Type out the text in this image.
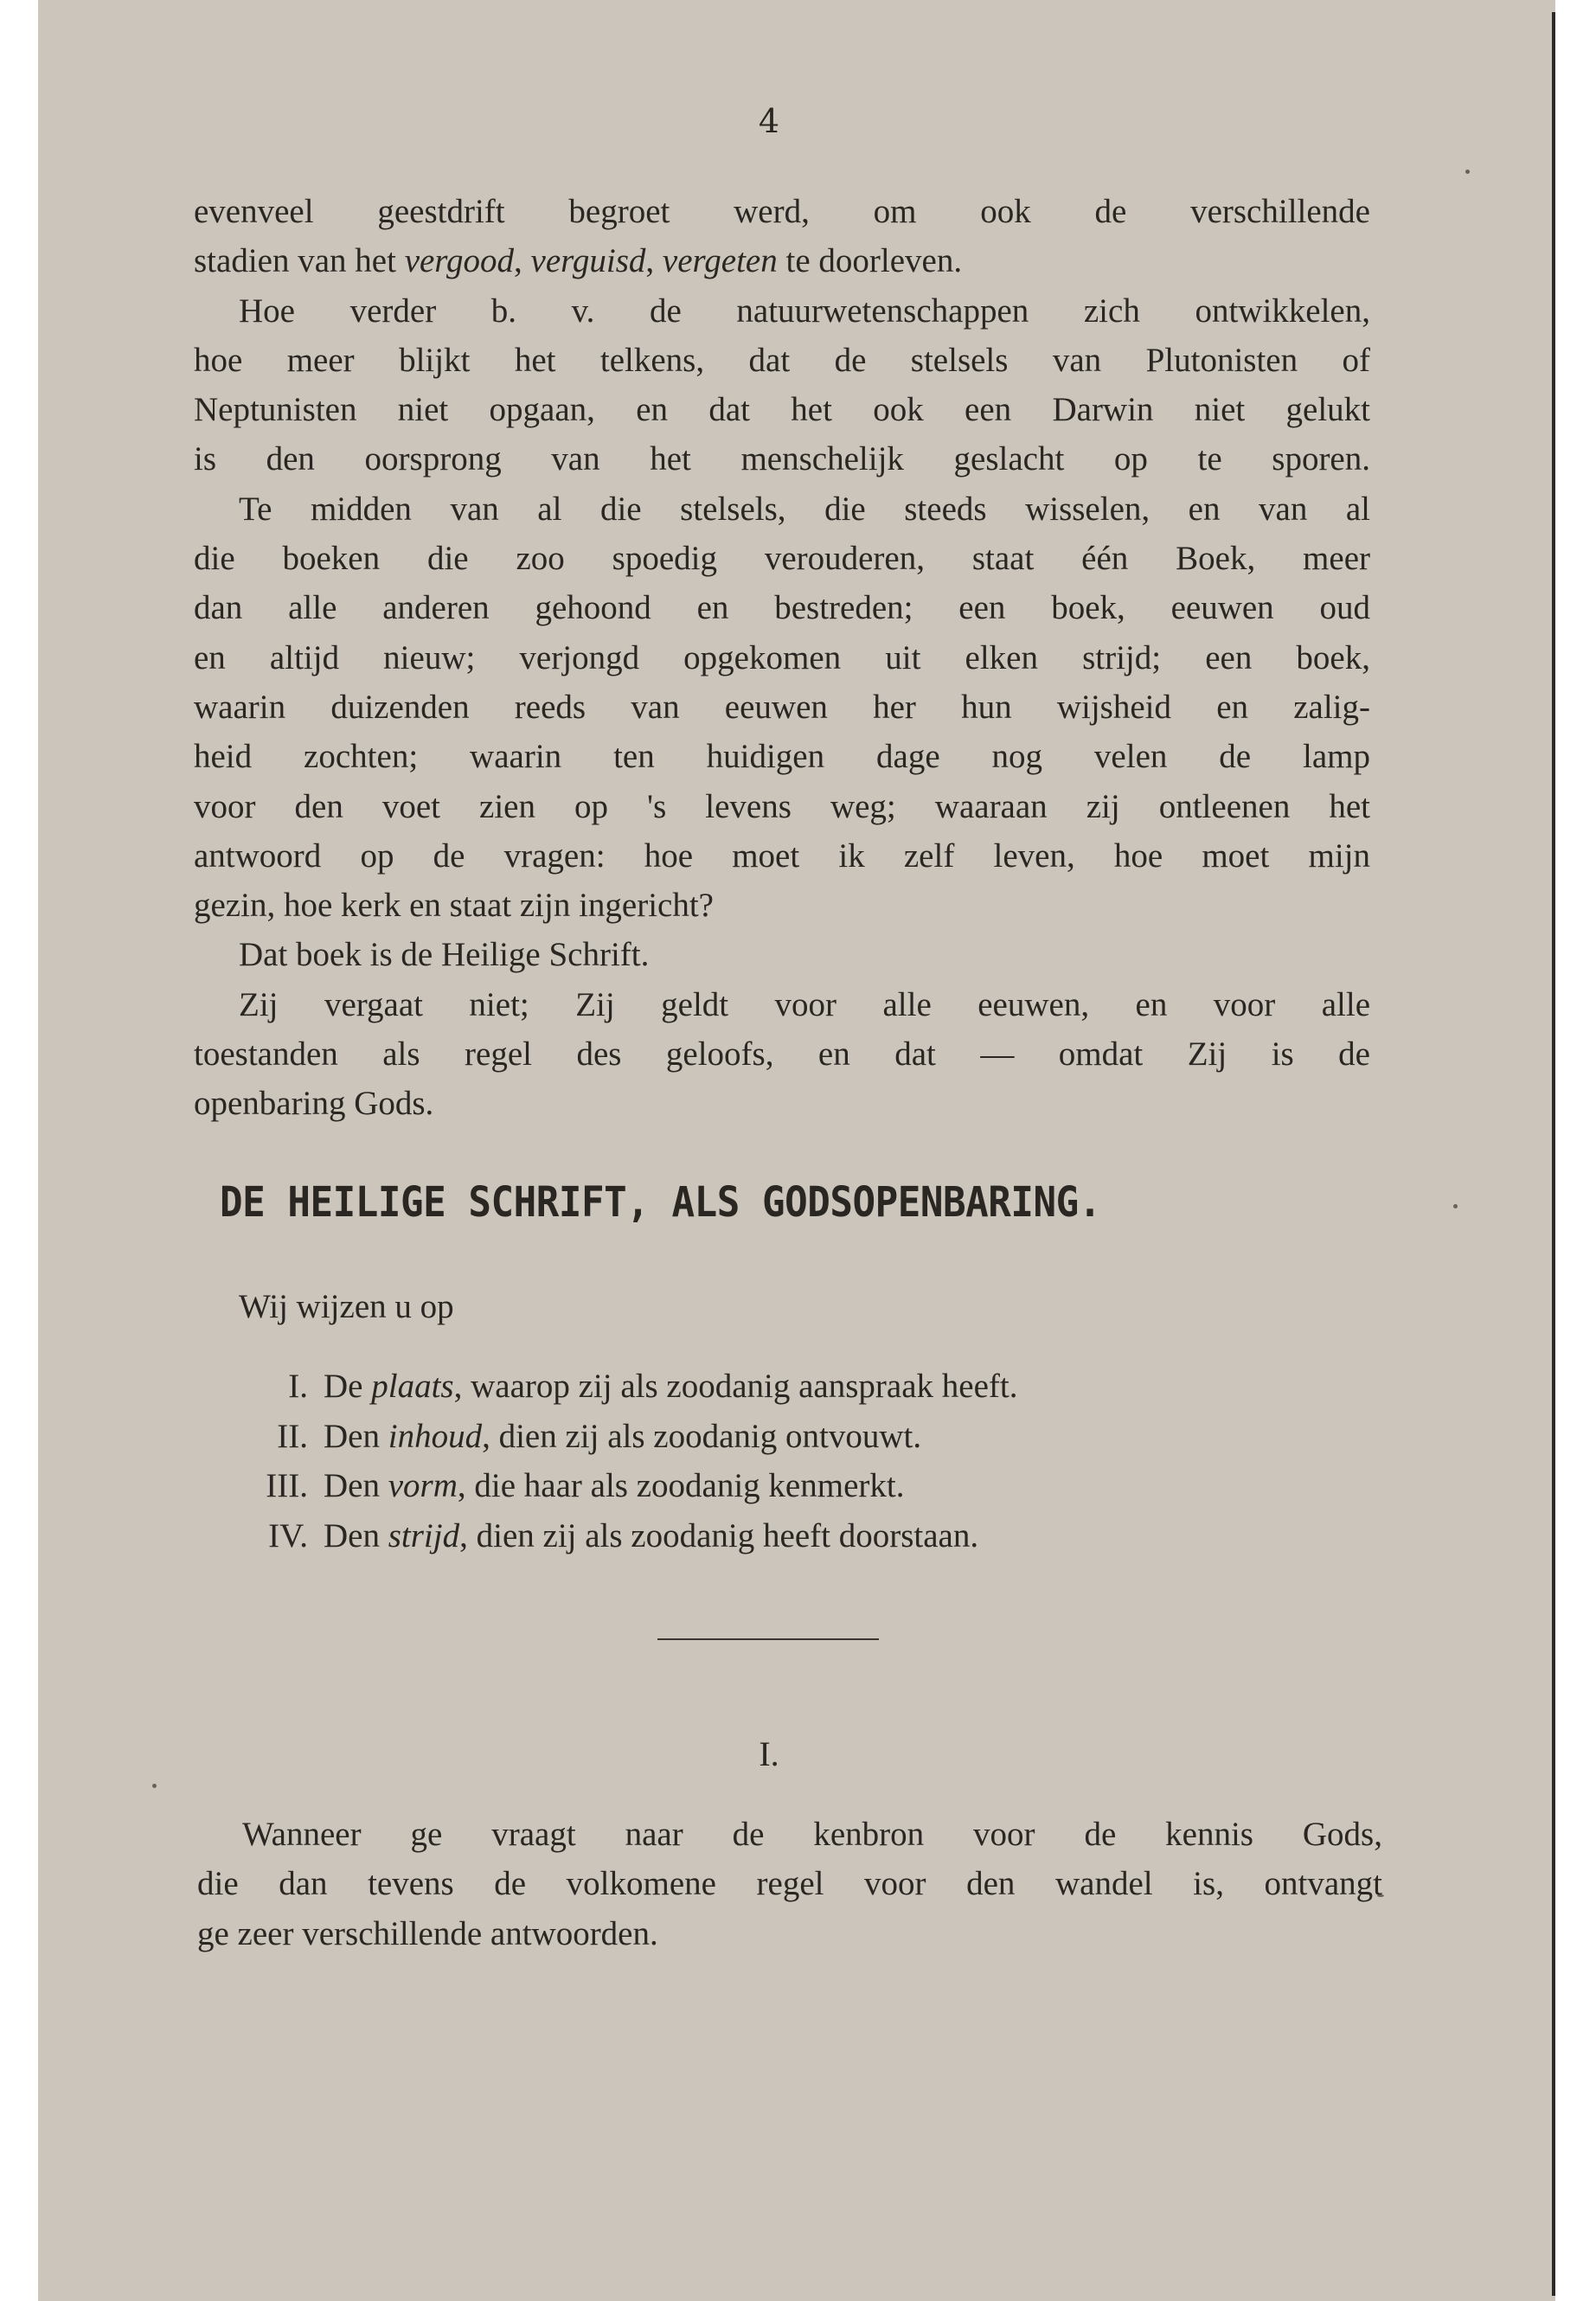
4

evenveel geestdrift begroet werd, om ook de verschillende
stadien van het vergood, verguisd, vergeten te doorleven.

Hoe verder b. v. de natuurwetenschappen zich ontwikkelen,
hoe meer blijkt het telkens, dat de stelsels van Plutonisten of
Neptunisten niet opgaan, en dat het ook een Darwin niet gelukt
is den oorsprong van het menschelijk geslacht op te sporen.

Te midden van al die stelsels, die steeds wisselen, en van al
die boeken die zoo spoedig verouderen, staat één Boek, meer
dan alle anderen gehoond en bestreden; een boek, eeuwen oud
en altijd nieuw; verjongd opgekomen uit elken strijd; een boek,
waarin duizenden reeds van eeuwen her hun wijsheid en zalig-
heid zochten; waarin ten huidigen dage nog velen de lamp
voor den voet zien op 's levens weg; waaraan zij ontleenen het
antwoord op de vragen: hoe moet ik zelf leven, hoe moet mijn
gezin, hoe kerk en staat zijn ingericht?

Dat boek is de Heilige Schrift.

Zij vergaat niet; Zij geldt voor alle eeuwen, en voor alle
toestanden als regel des geloofs, en dat — omdat Zij is de
openbaring Gods.

DE HEILIGE SCHRIFT, ALS GODSOPENBARING.
Wij wijzen u op
I. De plaats, waarop zij als zoodanig aanspraak heeft.
II. Den inhoud, dien zij als zoodanig ontvouwt.
III. Den vorm, die haar als zoodanig kenmerkt.
IV. Den strijd, dien zij als zoodanig heeft doorstaan.
I.

Wanneer ge vraagt naar de kenbron voor de kennis Gods,
die dan tevens de volkomene regel voor den wandel is, ontvangt
ge zeer verschillende antwoorden.
